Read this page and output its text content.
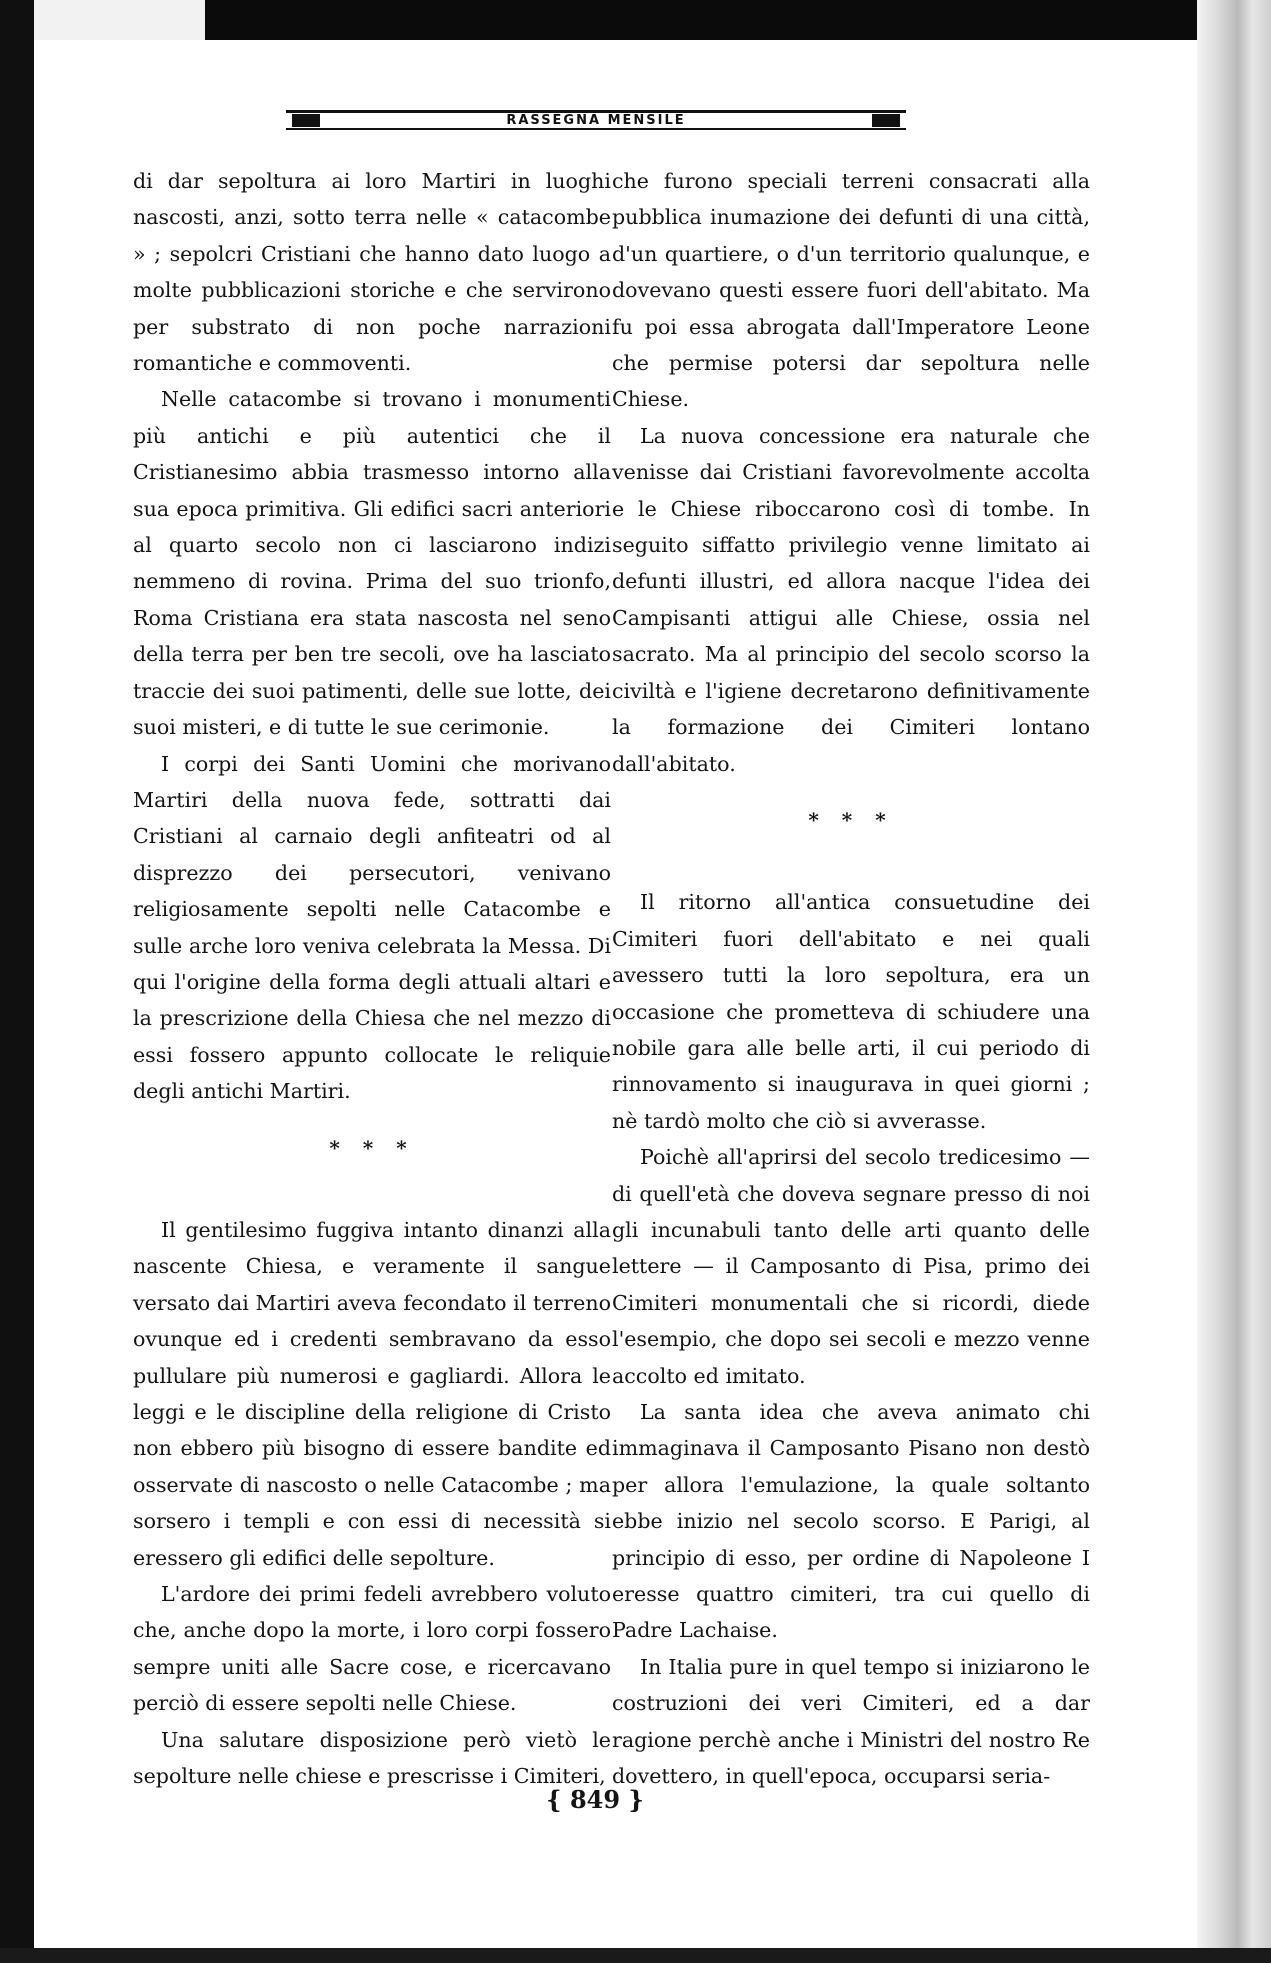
RASSEGNA MENSILE

di dar sepoltura ai loro Martiri in luoghi nascosti, anzi, sotto terra nelle « catacombe » ; sepolcri Cristiani che hanno dato luogo a molte pubblicazioni storiche e che servirono per substrato di non poche narrazioni romantiche e commoventi.

Nelle catacombe si trovano i monumenti più antichi e più autentici che il Cristianesimo abbia trasmesso intorno alla sua epoca primitiva. Gli edifici sacri anteriori al quarto secolo non ci lasciarono indizi nemmeno di rovina. Prima del suo trionfo, Roma Cristiana era stata nascosta nel seno della terra per ben tre secoli, ove ha lasciato traccie dei suoi patimenti, delle sue lotte, dei suoi misteri, e di tutte le sue cerimonie.

I corpi dei Santi Uomini che morivano Martiri della nuova fede, sottratti dai Cristiani al carnaio degli anfiteatri od al disprezzo dei persecutori, venivano religiosamente sepolti nelle Catacombe e sulle arche loro veniva celebrata la Messa. Di qui l'origine della forma degli attuali altari e la prescrizione della Chiesa che nel mezzo di essi fossero appunto collocate le reliquie degli antichi Martiri.

* * *

Il gentilesimo fuggiva intanto dinanzi alla nascente Chiesa, e veramente il sangue versato dai Martiri aveva fecondato il terreno ovunque ed i credenti sembravano da esso pullulare più numerosi e gagliardi. Allora le leggi e le discipline della religione di Cristo non ebbero più bisogno di essere bandite ed osservate di nascosto o nelle Catacombe ; ma sorsero i templi e con essi di necessità si eressero gli edifici delle sepolture.

L'ardore dei primi fedeli avrebbero voluto che, anche dopo la morte, i loro corpi fossero sempre uniti alle Sacre cose, e ricercavano perciò di essere sepolti nelle Chiese.

Una salutare disposizione però vietò le sepolture nelle chiese e prescrisse i Cimiteri,

che furono speciali terreni consacrati alla pubblica inumazione dei defunti di una città, d'un quartiere, o d'un territorio qualunque, e dovevano questi essere fuori dell'abitato. Ma fu poi essa abrogata dall'Imperatore Leone che permise potersi dar sepoltura nelle Chiese.

La nuova concessione era naturale che venisse dai Cristiani favorevolmente accolta e le Chiese riboccarono così di tombe. In seguito siffatto privilegio venne limitato ai defunti illustri, ed allora nacque l'idea dei Campisanti attigui alle Chiese, ossia nel sacrato. Ma al principio del secolo scorso la civiltà e l'igiene decretarono definitivamente la formazione dei Cimiteri lontano dall'abitato.

* * *

Il ritorno all'antica consuetudine dei Cimiteri fuori dell'abitato e nei quali avessero tutti la loro sepoltura, era un occasione che prometteva di schiudere una nobile gara alle belle arti, il cui periodo di rinnovamento si inaugurava in quei giorni ; nè tardò molto che ciò si avverasse.

Poichè all'aprirsi del secolo tredicesimo — di quell'età che doveva segnare presso di noi gli incunabuli tanto delle arti quanto delle lettere — il Camposanto di Pisa, primo dei Cimiteri monumentali che si ricordi, diede l'esempio, che dopo sei secoli e mezzo venne accolto ed imitato.

La santa idea che aveva animato chi immaginava il Camposanto Pisano non destò per allora l'emulazione, la quale soltanto ebbe inizio nel secolo scorso. E Parigi, al principio di esso, per ordine di Napoleone I eresse quattro cimiteri, tra cui quello di Padre Lachaise.

In Italia pure in quel tempo si iniziarono le costruzioni dei veri Cimiteri, ed a dar ragione perchè anche i Ministri del nostro Re dovettero, in quell'epoca, occuparsi seria-

{ 849 }
